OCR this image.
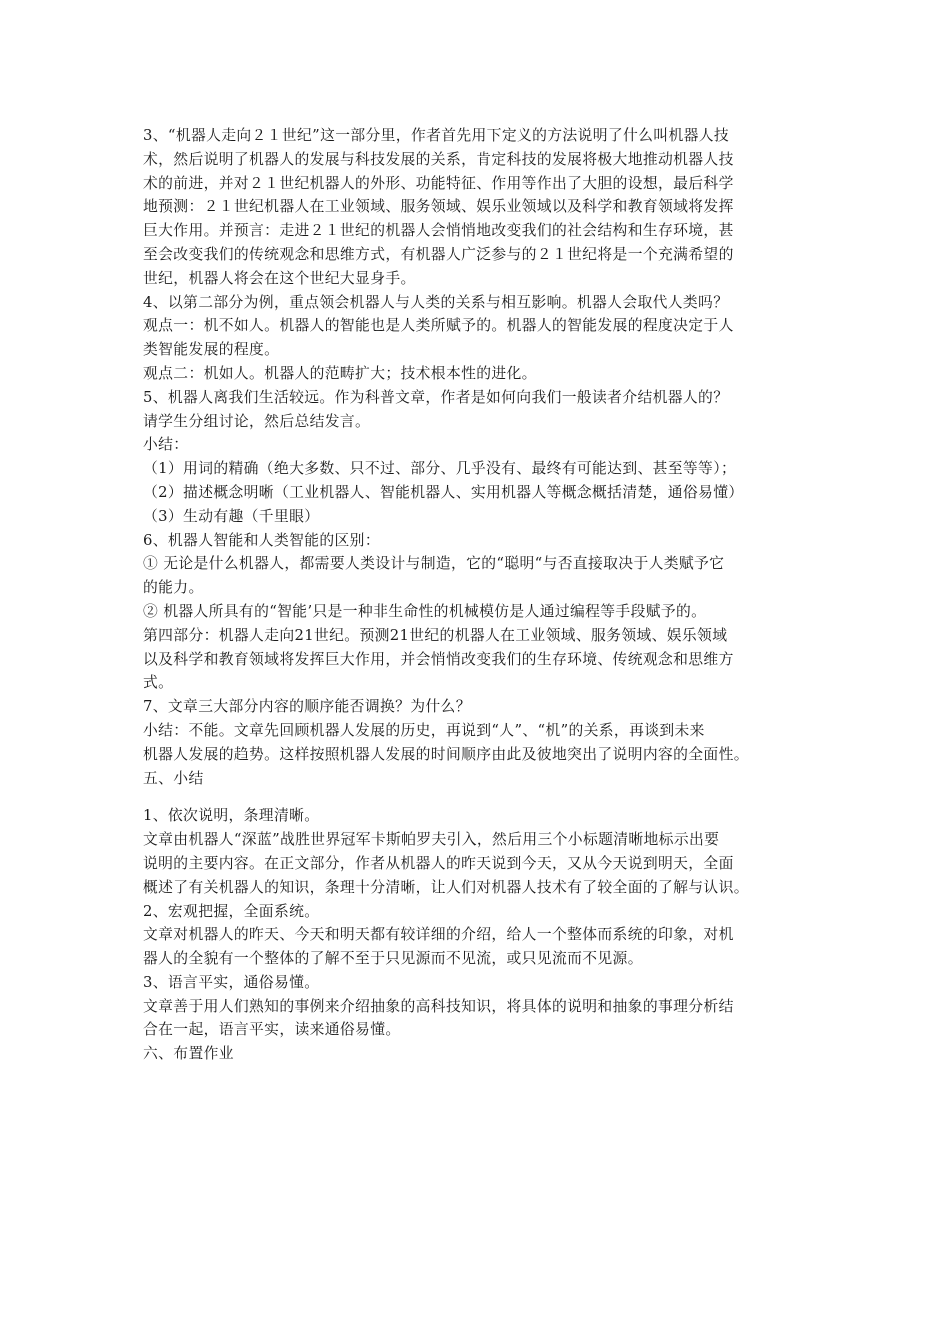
3、“机器人走向２１世纪”这一部分里，作者首先用下定义的方法说明了什么叫机器人技
术，然后说明了机器人的发展与科技发展的关系，肯定科技的发展将极大地推动机器人技
术的前进，并对２１世纪机器人的外形、功能特征、作用等作出了大胆的设想，最后科学
地预测：２１世纪机器人在工业领域、服务领域、娱乐业领域以及科学和教育领域将发挥
巨大作用。并预言：走进２１世纪的机器人会悄悄地改变我们的社会结构和生存环境，甚
至会改变我们的传统观念和思维方式，有机器人广泛参与的２１世纪将是一个充满希望的
世纪，机器人将会在这个世纪大显身手。
4、以第二部分为例，重点领会机器人与人类的关系与相互影响。机器人会取代人类吗？
观点一：机不如人。机器人的智能也是人类所赋予的。机器人的智能发展的程度决定于人
类智能发展的程度。
观点二：机如人。机器人的范畴扩大；技术根本性的进化。
5、机器人离我们生活较远。作为科普文章，作者是如何向我们一般读者介结机器人的？
请学生分组讨论，然后总结发言。
小结：
（1）用词的精确（绝大多数、只不过、部分、几乎没有、最终有可能达到、甚至等等）；
（2）描述概念明晰（工业机器人、智能机器人、实用机器人等概念概括清楚，通俗易懂）
（3）生动有趣（千里眼）
6、机器人智能和人类智能的区别：
① 无论是什么机器人，都需要人类设计与制造，它的“聪明“与否直接取决于人类赋予它
的能力。
② 机器人所具有的“智能’只是一种非生命性的机械模仿是人通过编程等手段赋予的。
第四部分：机器人走向21世纪。预测21世纪的机器人在工业领域、服务领域、娱乐领域
以及科学和教育领域将发挥巨大作用，并会悄悄改变我们的生存环境、传统观念和思维方
式。
7、文章三大部分内容的顺序能否调换？为什么？
小结：不能。文章先回顾机器人发展的历史，再说到“人”、“机”的关系，再谈到未来
机器人发展的趋势。这样按照机器人发展的时间顺序由此及彼地突出了说明内容的全面性。
五、小结
1、依次说明，条理清晰。
文章由机器人“深蓝”战胜世界冠军卡斯帕罗夫引入，然后用三个小标题清晰地标示出要
说明的主要内容。在正文部分，作者从机器人的昨天说到今天，又从今天说到明天，全面
概述了有关机器人的知识，条理十分清晰，让人们对机器人技术有了较全面的了解与认识。
2、宏观把握，全面系统。
文章对机器人的昨天、今天和明天都有较详细的介绍，给人一个整体而系统的印象，对机
器人的全貌有一个整体的了解不至于只见源而不见流，或只见流而不见源。
3、语言平实，通俗易懂。
文章善于用人们熟知的事例来介绍抽象的高科技知识，将具体的说明和抽象的事理分析结
合在一起，语言平实，读来通俗易懂。
六、布置作业
